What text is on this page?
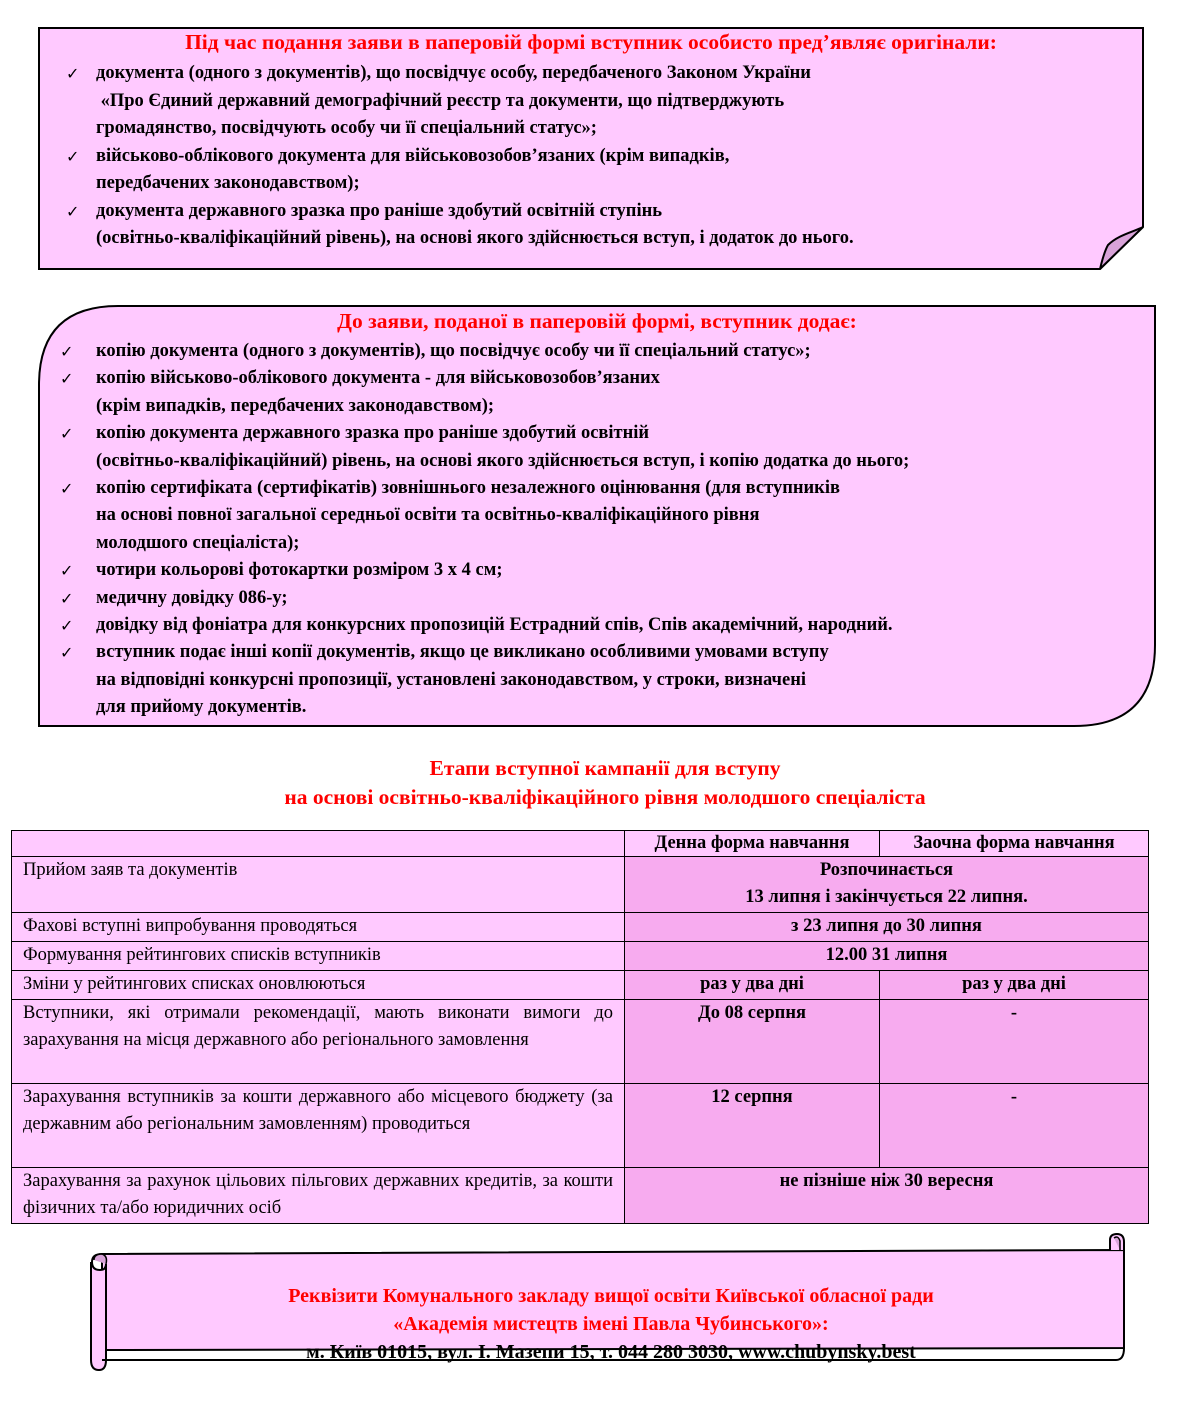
Під час подання заяви в паперовій формі вступник особисто пред’являє оригінали:
✓ документа (одного з документів), що посвідчує особу, передбаченого Законом України
«Про Єдиний державний демографічний реєстр та документи, що підтверджують
громадянство, посвідчують особу чи її спеціальний статус»;
✓ військово-облікового документа для військовозобов’язаних (крім випадків,
передбачених законодавством);
✓ документа державного зразка про раніше здобутий освітній ступінь
(освітньо-кваліфікаційний рівень), на основі якого здійснюється вступ, і додаток до нього.
До заяви, поданої в паперовій формі, вступник додає:
✓ копію документа (одного з документів), що посвідчує особу чи її спеціальний статус»;
✓ копію військово-облікового документа - для військовозобов’язаних
(крім випадків, передбачених законодавством);
✓ копію документа державного зразка про раніше здобутий освітній
(освітньо-кваліфікаційний) рівень, на основі якого здійснюється вступ, і копію додатка до нього;
✓ копію сертифіката (сертифікатів) зовнішнього незалежного оцінювання (для вступників
на основі повної загальної середньої освіти та освітньо-кваліфікаційного рівня
молодшого спеціаліста);
✓ чотири кольорові фотокартки розміром 3 х 4 см;
✓ медичну довідку 086-у;
✓ довідку від фоніатра для конкурсних пропозицій Естрадний спів, Спів академічний, народний.
✓ вступник подає інші копії документів, якщо це викликано особливими умовами вступу
на відповідні конкурсні пропозиції, установлені законодавством, у строки, визначені
для прийому документів.
Етапи вступної кампанії для вступу
на основі освітньо-кваліфікаційного рівня молодшого спеціаліста
	Денна форма навчання	Заочна форма навчання
Прийом заяв та документів	Розпочинається
13 липня і закінчується 22 липня.	

Фахові вступні випробування проводяться	з 23 липня до 30 липня	
Формування рейтингових списків вступників	12.00 31 липня	
Зміни у рейтингових списках оновлюються	раз у два дні	раз у два дні
Вступники, які отримали рекомендації, мають виконати вимоги до зарахування на місця державного або регіонального замовлення	До 08 серпня	-
Зарахування вступників за кошти державного або місцевого бюджету (за державним або регіональним замовленням) проводиться	12 серпня	-
Зарахування за рахунок цільових пільгових державних кредитів, за кошти фізичних та/або юридичних осіб	не пізніше ніж 30 вересня	
Реквізити Комунального закладу вищої освіти Київської обласної ради
«Академія мистецтв імені Павла Чубинського»:
м. Київ 01015, вул. І. Мазепи 15, т. 044 280 3030, www.chubynsky.best
